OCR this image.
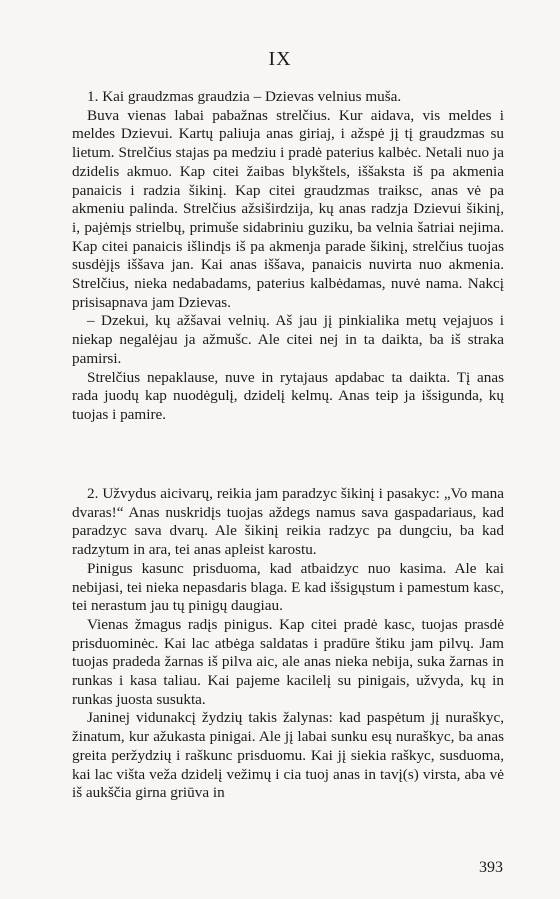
IX

1. Kai graudzmas graudzia – Dzievas velnius muša.

Buva vienas labai pabažnas strelčius. Kur aidava, vis meldes i meldes Dzievui. Kartų paliuja anas giriaj, i ažspė jį tį graudzmas su lietum. Strelčius stajas pa medziu i pradė paterius kalbėc. Netali nuo ja dzidelis akmuo. Kap citei žaibas blykštels, iššaksta iš pa akmenia panaicis i radzia šikinį. Kap citei graudzmas traiksc, anas vė pa akmeniu palinda. Strelčius ažsiširdzija, kų anas radzja Dzievui šikinį, i, pajėmįs strielbų, primuše sidabriniu guziku, ba velnia šatriai nejima. Kap citei panaicis išlindįs iš pa akmenja parade šikinį, strelčius tuojas susdėjįs iššava jan. Kai anas iššava, panaicis nuvirta nuo akmenia. Strelčius, nieka nedabadams, paterius kalbėdamas, nuvė nama. Nakcį prisisapnava jam Dzievas.

– Dzekui, kų ažšavai velnių. Aš jau jį pinkialika metų vejajuos i niekap negalėjau ja ažmušc. Ale citei nej in ta daikta, ba iš straka pamirsi.

Strelčius nepaklause, nuve in rytajaus apdabac ta daikta. Tį anas rada juodų kap nuodėgulį, dzidelį kelmų. Anas teip ja išsigunda, kų tuojas i pamire.

2. Užvydus aicivarų, reikia jam paradzyc šikinį i pasakyc: „Vo mana dvaras!“ Anas nuskridįs tuojas aždegs namus sava gaspadariaus, kad paradzyc sava dvarų. Ale šikinį reikia radzyc pa dungciu, ba kad radzytum in ara, tei anas apleist karostu.

Pinigus kasunc prisduoma, kad atbaidzyc nuo kasima. Ale kai nebijasi, tei nieka nepasdaris blaga. E kad išsigųstum i pamestum kasc, tei nerastum jau tų pinigų daugiau.

Vienas žmagus radįs pinigus. Kap citei pradė kasc, tuojas prasdė prisduominėc. Kai lac atbėga saldatas i pradūre štiku jam pilvų. Jam tuojas pradeda žarnas iš pilva aic, ale anas nieka nebija, suka žarnas in runkas i kasa taliau. Kai pajeme kacilelį su pinigais, užvyda, kų in runkas juosta susukta.

Janinej vidunakcį žydzių takis žalynas: kad paspėtum jį nuraškyc, žinatum, kur ažukasta pinigai. Ale jį labai sunku esų nuraškyc, ba anas greita peržydzių i raškunc prisduomu. Kai jį siekia raškyc, susduoma, kai lac višta veža dzidelį vežimų i cia tuoj anas in tavį(s) virsta, aba vė iš aukščia girna griūva in

393
